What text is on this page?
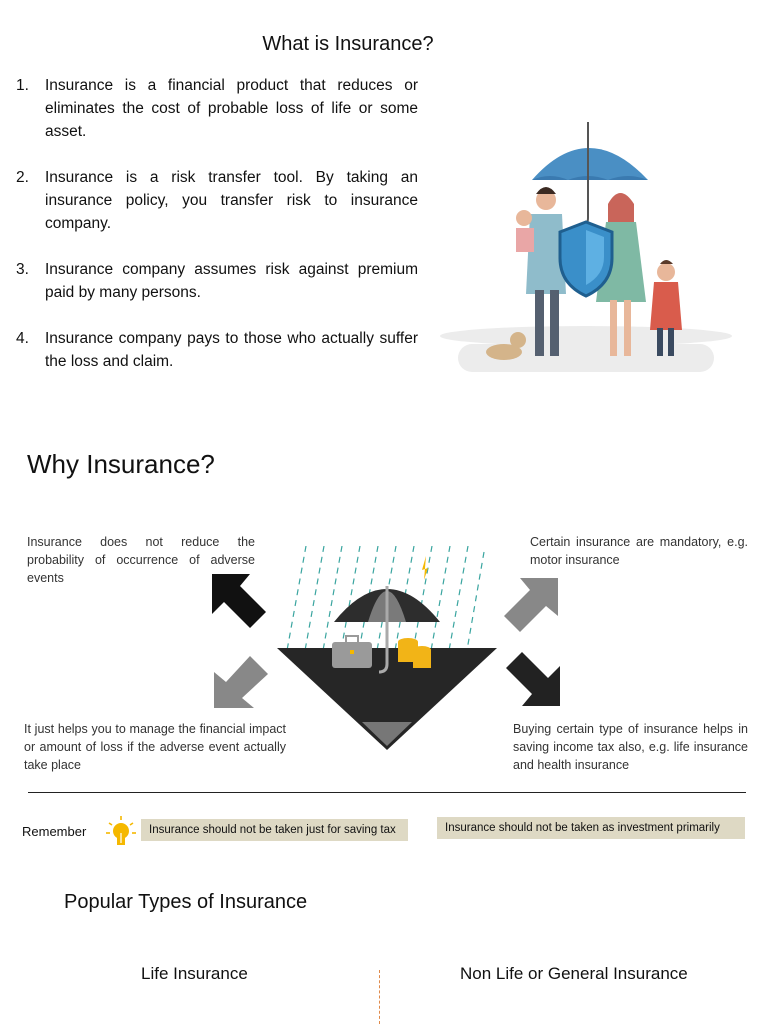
What is Insurance?
1. Insurance is a financial product that reduces or eliminates the cost of probable loss of life or some asset.
2. Insurance is a risk transfer tool. By taking an insurance policy, you transfer risk to insurance company.
3. Insurance company assumes risk against premium paid by many persons.
4. Insurance company pays to those who actually suffer the loss and claim.
Why Insurance?
Insurance does not reduce the probability of occurrence of adverse events
Certain insurance are mandatory, e.g. motor insurance
It just helps you to manage the financial impact or amount of loss if the adverse event actually take place
Buying certain type of insurance helps in saving income tax also, e.g. life insurance and health insurance
Remember	Insurance should not be taken just for saving tax	Insurance should not be taken as investment primarily
Popular Types of Insurance
Life Insurance	Non Life or General Insurance
